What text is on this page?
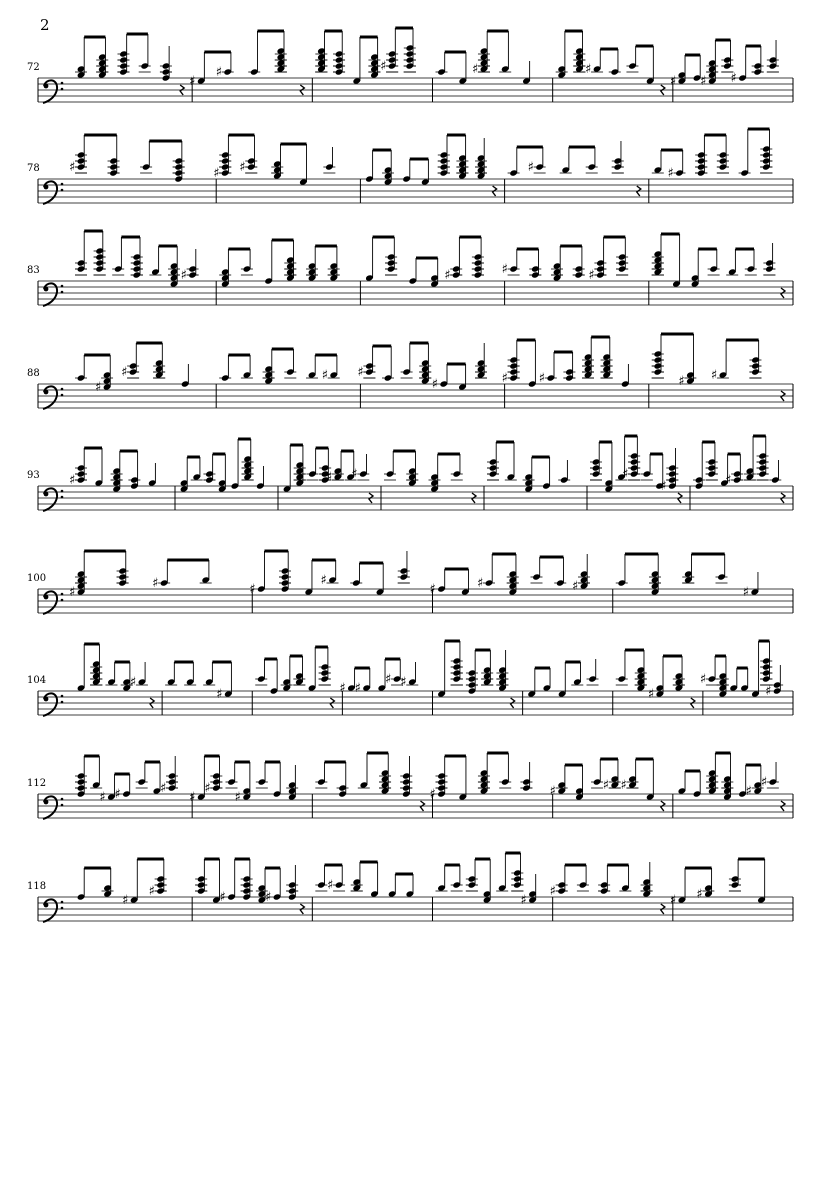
2
72
♯
♯	♯	♯	♯
♯ ♯ ♯
78 ♯	♯ ♯	♯	♯
83	♯	♯	♯	♯
88
♯
♯	♯ ♯
♯	♯ ♯	♯ ♯
93 ♯	♯ ♯	♯
♯	♯
100
♯
♯	♯
♯
♯	♯	♯	♯
104	♯
♯	♯ ♯
♯ ♯
♯
♯
♯
112
♯ ♯	♯
♯
♯
♯	♯	♯	♯ ♯	♯
♯
118
♯
♯	♯	♯
♯
♯
♯
♯ ♯
